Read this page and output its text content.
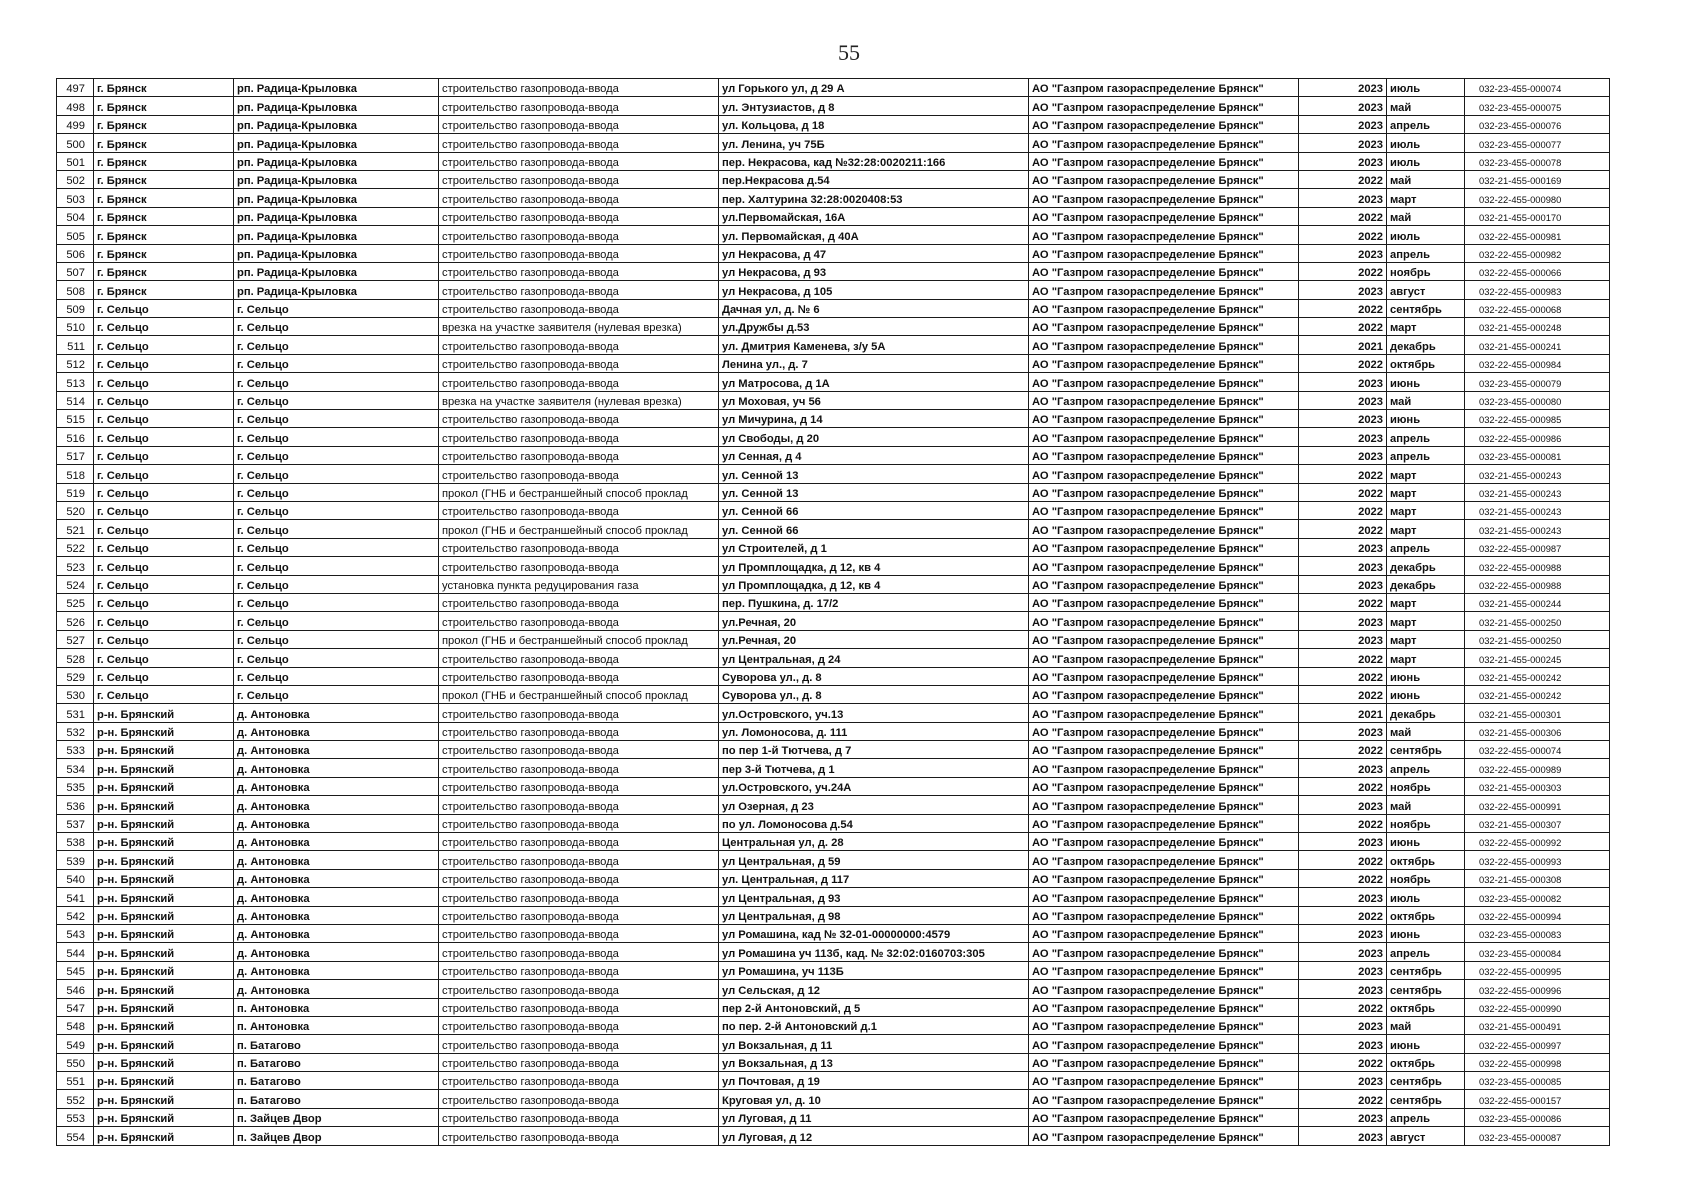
55
497	г. Брянск	рп. Радица-Крыловка	строительство газопровода-ввода	ул Горького ул, д 29 А	АО "Газпром газораспределение Брянск"	2023	июль	032-23-455-000074
498	г. Брянск	рп. Радица-Крыловка	строительство газопровода-ввода	ул. Энтузиастов, д 8	АО "Газпром газораспределение Брянск"	2023	май	032-23-455-000075
499	г. Брянск	рп. Радица-Крыловка	строительство газопровода-ввода	ул. Кольцова, д 18	АО "Газпром газораспределение Брянск"	2023	апрель	032-23-455-000076
500	г. Брянск	рп. Радица-Крыловка	строительство газопровода-ввода	ул. Ленина, уч 75Б	АО "Газпром газораспределение Брянск"	2023	июль	032-23-455-000077
501	г. Брянск	рп. Радица-Крыловка	строительство газопровода-ввода	пер. Некрасова, кад №32:28:0020211:166	АО "Газпром газораспределение Брянск"	2023	июль	032-23-455-000078
502	г. Брянск	рп. Радица-Крыловка	строительство газопровода-ввода	пер.Некрасова д.54	АО "Газпром газораспределение Брянск"	2022	май	032-21-455-000169
503	г. Брянск	рп. Радица-Крыловка	строительство газопровода-ввода	пер. Халтурина 32:28:0020408:53	АО "Газпром газораспределение Брянск"	2023	март	032-22-455-000980
504	г. Брянск	рп. Радица-Крыловка	строительство газопровода-ввода	ул.Первомайская, 16А	АО "Газпром газораспределение Брянск"	2022	май	032-21-455-000170
505	г. Брянск	рп. Радица-Крыловка	строительство газопровода-ввода	ул. Первомайская, д 40А	АО "Газпром газораспределение Брянск"	2022	июль	032-22-455-000981
506	г. Брянск	рп. Радица-Крыловка	строительство газопровода-ввода	ул Некрасова, д 47	АО "Газпром газораспределение Брянск"	2023	апрель	032-22-455-000982
507	г. Брянск	рп. Радица-Крыловка	строительство газопровода-ввода	ул Некрасова, д 93	АО "Газпром газораспределение Брянск"	2022	ноябрь	032-22-455-000066
508	г. Брянск	рп. Радица-Крыловка	строительство газопровода-ввода	ул Некрасова, д 105	АО "Газпром газораспределение Брянск"	2023	август	032-22-455-000983
509	г. Сельцо	г. Сельцо	строительство газопровода-ввода	Дачная ул, д. № 6	АО "Газпром газораспределение Брянск"	2022	сентябрь	032-22-455-000068
510	г. Сельцо	г. Сельцо	врезка на участке заявителя (нулевая врезка)	ул.Дружбы д.53	АО "Газпром газораспределение Брянск"	2022	март	032-21-455-000248
511	г. Сельцо	г. Сельцо	строительство газопровода-ввода	ул. Дмитрия Каменева, з/у 5А	АО "Газпром газораспределение Брянск"	2021	декабрь	032-21-455-000241
512	г. Сельцо	г. Сельцо	строительство газопровода-ввода	Ленина ул., д. 7	АО "Газпром газораспределение Брянск"	2022	октябрь	032-22-455-000984
513	г. Сельцо	г. Сельцо	строительство газопровода-ввода	ул Матросова, д 1А	АО "Газпром газораспределение Брянск"	2023	июнь	032-23-455-000079
514	г. Сельцо	г. Сельцо	врезка на участке заявителя (нулевая врезка)	ул Моховая, уч 56	АО "Газпром газораспределение Брянск"	2023	май	032-23-455-000080
515	г. Сельцо	г. Сельцо	строительство газопровода-ввода	ул Мичурина, д 14	АО "Газпром газораспределение Брянск"	2023	июнь	032-22-455-000985
516	г. Сельцо	г. Сельцо	строительство газопровода-ввода	ул Свободы, д 20	АО "Газпром газораспределение Брянск"	2023	апрель	032-22-455-000986
517	г. Сельцо	г. Сельцо	строительство газопровода-ввода	ул Сенная, д 4	АО "Газпром газораспределение Брянск"	2023	апрель	032-23-455-000081
518	г. Сельцо	г. Сельцо	строительство газопровода-ввода	ул. Сенной 13	АО "Газпром газораспределение Брянск"	2022	март	032-21-455-000243
519	г. Сельцо	г. Сельцо	прокол (ГНБ и бестраншейный способ проклад	ул. Сенной 13	АО "Газпром газораспределение Брянск"	2022	март	032-21-455-000243
520	г. Сельцо	г. Сельцо	строительство газопровода-ввода	ул. Сенной 66	АО "Газпром газораспределение Брянск"	2022	март	032-21-455-000243
521	г. Сельцо	г. Сельцо	прокол (ГНБ и бестраншейный способ проклад	ул. Сенной 66	АО "Газпром газораспределение Брянск"	2022	март	032-21-455-000243
522	г. Сельцо	г. Сельцо	строительство газопровода-ввода	ул Строителей, д 1	АО "Газпром газораспределение Брянск"	2023	апрель	032-22-455-000987
523	г. Сельцо	г. Сельцо	строительство газопровода-ввода	ул Промплощадка, д 12, кв 4	АО "Газпром газораспределение Брянск"	2023	декабрь	032-22-455-000988
524	г. Сельцо	г. Сельцо	установка пункта редуцирования газа	ул Промплощадка, д 12, кв 4	АО "Газпром газораспределение Брянск"	2023	декабрь	032-22-455-000988
525	г. Сельцо	г. Сельцо	строительство газопровода-ввода	пер. Пушкина, д. 17/2	АО "Газпром газораспределение Брянск"	2022	март	032-21-455-000244
526	г. Сельцо	г. Сельцо	строительство газопровода-ввода	ул.Речная, 20	АО "Газпром газораспределение Брянск"	2023	март	032-21-455-000250
527	г. Сельцо	г. Сельцо	прокол (ГНБ и бестраншейный способ проклад	ул.Речная, 20	АО "Газпром газораспределение Брянск"	2023	март	032-21-455-000250
528	г. Сельцо	г. Сельцо	строительство газопровода-ввода	ул Центральная, д 24	АО "Газпром газораспределение Брянск"	2022	март	032-21-455-000245
529	г. Сельцо	г. Сельцо	строительство газопровода-ввода	Суворова ул., д. 8	АО "Газпром газораспределение Брянск"	2022	июнь	032-21-455-000242
530	г. Сельцо	г. Сельцо	прокол (ГНБ и бестраншейный способ проклад	Суворова ул., д. 8	АО "Газпром газораспределение Брянск"	2022	июнь	032-21-455-000242
531	р-н. Брянский	д. Антоновка	строительство газопровода-ввода	ул.Островского, уч.13	АО "Газпром газораспределение Брянск"	2021	декабрь	032-21-455-000301
532	р-н. Брянский	д. Антоновка	строительство газопровода-ввода	ул. Ломоносова, д. 111	АО "Газпром газораспределение Брянск"	2023	май	032-21-455-000306
533	р-н. Брянский	д. Антоновка	строительство газопровода-ввода	по пер 1-й Тютчева, д 7	АО "Газпром газораспределение Брянск"	2022	сентябрь	032-22-455-000074
534	р-н. Брянский	д. Антоновка	строительство газопровода-ввода	пер 3-й Тютчева, д 1	АО "Газпром газораспределение Брянск"	2023	апрель	032-22-455-000989
535	р-н. Брянский	д. Антоновка	строительство газопровода-ввода	ул.Островского, уч.24А	АО "Газпром газораспределение Брянск"	2022	ноябрь	032-21-455-000303
536	р-н. Брянский	д. Антоновка	строительство газопровода-ввода	ул Озерная, д 23	АО "Газпром газораспределение Брянск"	2023	май	032-22-455-000991
537	р-н. Брянский	д. Антоновка	строительство газопровода-ввода	по ул. Ломоносова д.54	АО "Газпром газораспределение Брянск"	2022	ноябрь	032-21-455-000307
538	р-н. Брянский	д. Антоновка	строительство газопровода-ввода	Центральная ул, д. 28	АО "Газпром газораспределение Брянск"	2023	июнь	032-22-455-000992
539	р-н. Брянский	д. Антоновка	строительство газопровода-ввода	ул Центральная, д 59	АО "Газпром газораспределение Брянск"	2022	октябрь	032-22-455-000993
540	р-н. Брянский	д. Антоновка	строительство газопровода-ввода	ул. Центральная, д 117	АО "Газпром газораспределение Брянск"	2022	ноябрь	032-21-455-000308
541	р-н. Брянский	д. Антоновка	строительство газопровода-ввода	ул Центральная, д 93	АО "Газпром газораспределение Брянск"	2023	июль	032-23-455-000082
542	р-н. Брянский	д. Антоновка	строительство газопровода-ввода	ул Центральная, д 98	АО "Газпром газораспределение Брянск"	2022	октябрь	032-22-455-000994
543	р-н. Брянский	д. Антоновка	строительство газопровода-ввода	ул Ромашина, кад № 32-01-00000000:4579	АО "Газпром газораспределение Брянск"	2023	июнь	032-23-455-000083
544	р-н. Брянский	д. Антоновка	строительство газопровода-ввода	ул Ромашина уч 113б, кад. № 32:02:0160703:305	АО "Газпром газораспределение Брянск"	2023	апрель	032-23-455-000084
545	р-н. Брянский	д. Антоновка	строительство газопровода-ввода	ул Ромашина, уч 113Б	АО "Газпром газораспределение Брянск"	2023	сентябрь	032-22-455-000995
546	р-н. Брянский	д. Антоновка	строительство газопровода-ввода	ул Сельская, д 12	АО "Газпром газораспределение Брянск"	2023	сентябрь	032-22-455-000996
547	р-н. Брянский	п. Антоновка	строительство газопровода-ввода	пер 2-й Антоновский, д 5	АО "Газпром газораспределение Брянск"	2022	октябрь	032-22-455-000990
548	р-н. Брянский	п. Антоновка	строительство газопровода-ввода	по пер. 2-й Антоновский д.1	АО "Газпром газораспределение Брянск"	2023	май	032-21-455-000491
549	р-н. Брянский	п. Батагово	строительство газопровода-ввода	ул Вокзальная, д 11	АО "Газпром газораспределение Брянск"	2023	июнь	032-22-455-000997
550	р-н. Брянский	п. Батагово	строительство газопровода-ввода	ул Вокзальная, д 13	АО "Газпром газораспределение Брянск"	2022	октябрь	032-22-455-000998
551	р-н. Брянский	п. Батагово	строительство газопровода-ввода	ул Почтовая, д 19	АО "Газпром газораспределение Брянск"	2023	сентябрь	032-23-455-000085
552	р-н. Брянский	п. Батагово	строительство газопровода-ввода	Круговая ул, д. 10	АО "Газпром газораспределение Брянск"	2022	сентябрь	032-22-455-000157
553	р-н. Брянский	п. Зайцев Двор	строительство газопровода-ввода	ул Луговая, д 11	АО "Газпром газораспределение Брянск"	2023	апрель	032-23-455-000086
554	р-н. Брянский	п. Зайцев Двор	строительство газопровода-ввода	ул Луговая, д 12	АО "Газпром газораспределение Брянск"	2023	август	032-23-455-000087
